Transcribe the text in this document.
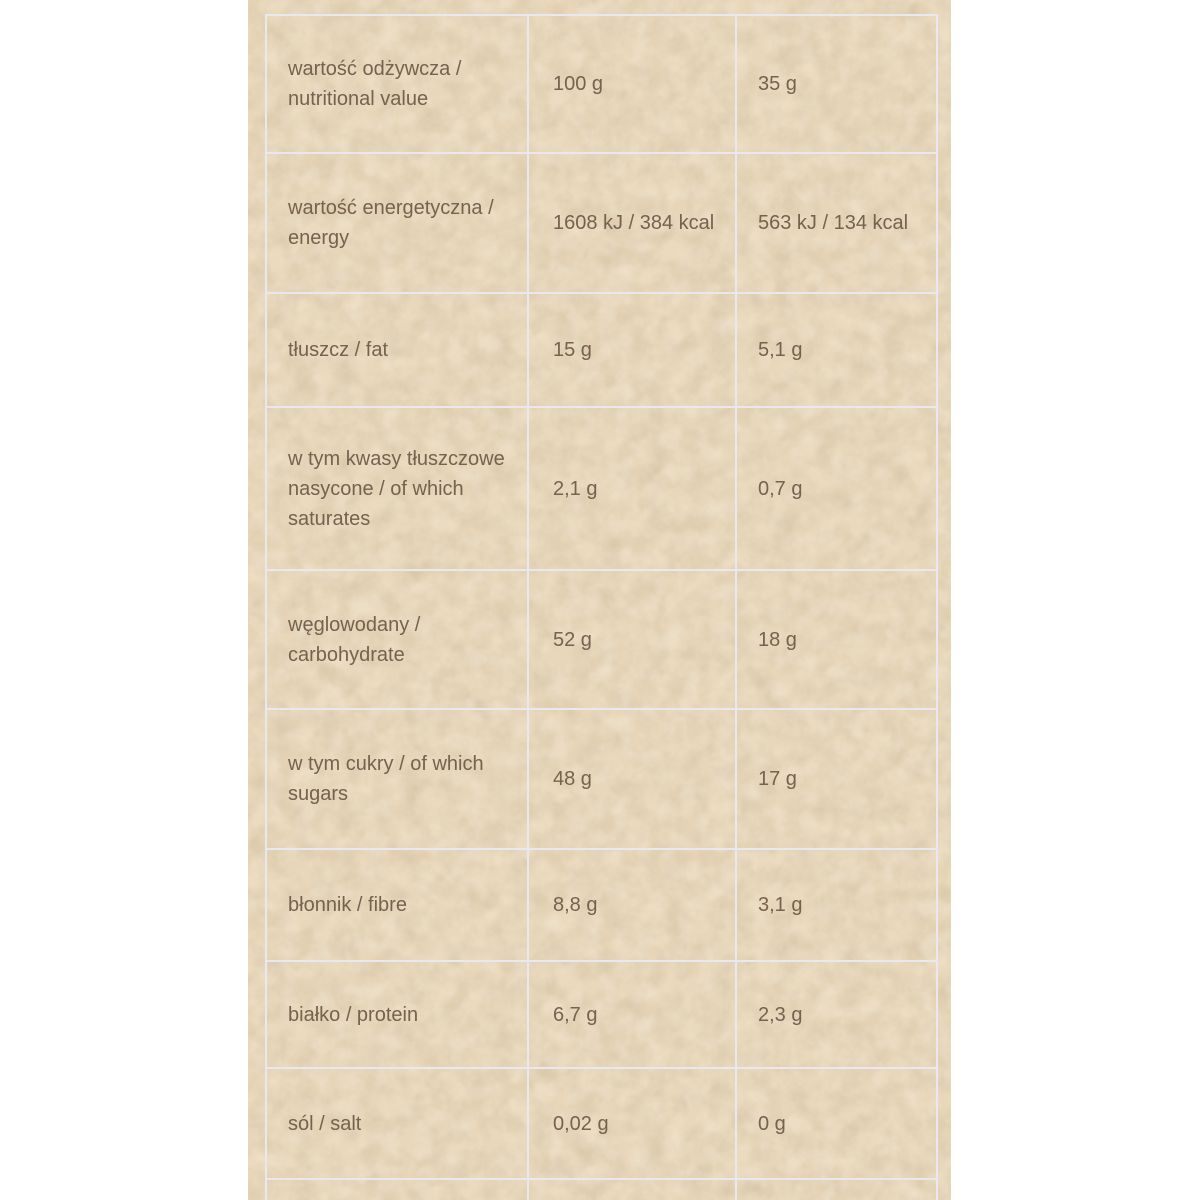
wartość odżywcza / nutritional value	100 g	35 g
wartość energetyczna / energy	1608 kJ / 384 kcal	563 kJ / 134 kcal
tłuszcz / fat	15 g	5,1 g
w tym kwasy tłuszczowe nasycone / of which saturates	2,1 g	0,7 g
węglowodany / carbohydrate	52 g	18 g
w tym cukry / of which sugars	48 g	17 g
błonnik / fibre	8,8 g	3,1 g
białko / protein	6,7 g	2,3 g
sól / salt	0,02 g	0 g
